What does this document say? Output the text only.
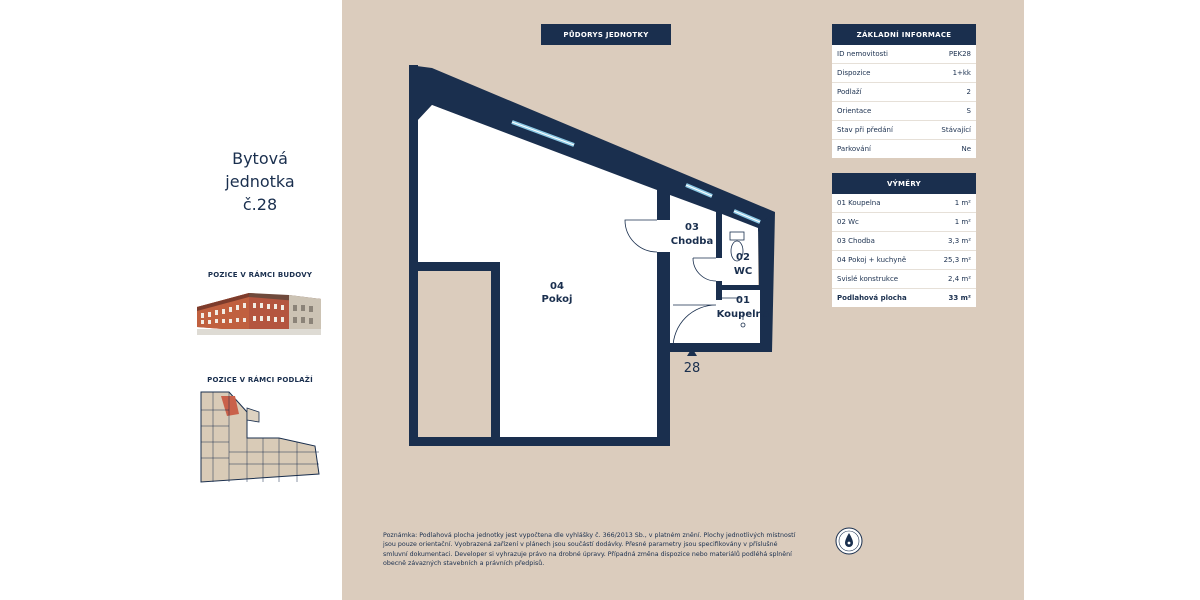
Bytová
jednotka
č.28
POZICE V RÁMCI BUDOVY
POZICE V RÁMCI PODLAŽÍ
PŮDORYS JEDNOTKY
04
Pokoj
03
Chodba
02
WC
01
Koupelna
28
ZÁKLADNÍ INFORMACE
ID nemovitosti	PEK28
Dispozice	1+kk
Podlaží	2
Orientace	S
Stav při předání	Stávající
Parkování	Ne
VÝMĚRY
01 Koupelna	1 m²
02 Wc	1 m²
03 Chodba	3,3 m²
04 Pokoj + kuchyně	25,3 m²
Svislé konstrukce	2,4 m²
Podlahová plocha	33 m²
Poznámka: Podlahová plocha jednotky jest vypočtena dle vyhlášky č. 366/2013 Sb., v platném znění. Plochy jednotlivých místností jsou pouze orientační. Vyobrazená zařízení v plánech jsou součástí dodávky. Přesné parametry jsou specifikovány v příslušné smluvní dokumentaci. Developer si vyhrazuje právo na drobné úpravy. Případná změna dispozice nebo materiálů podléhá splnění obecně závazných stavebních a právních předpisů.
